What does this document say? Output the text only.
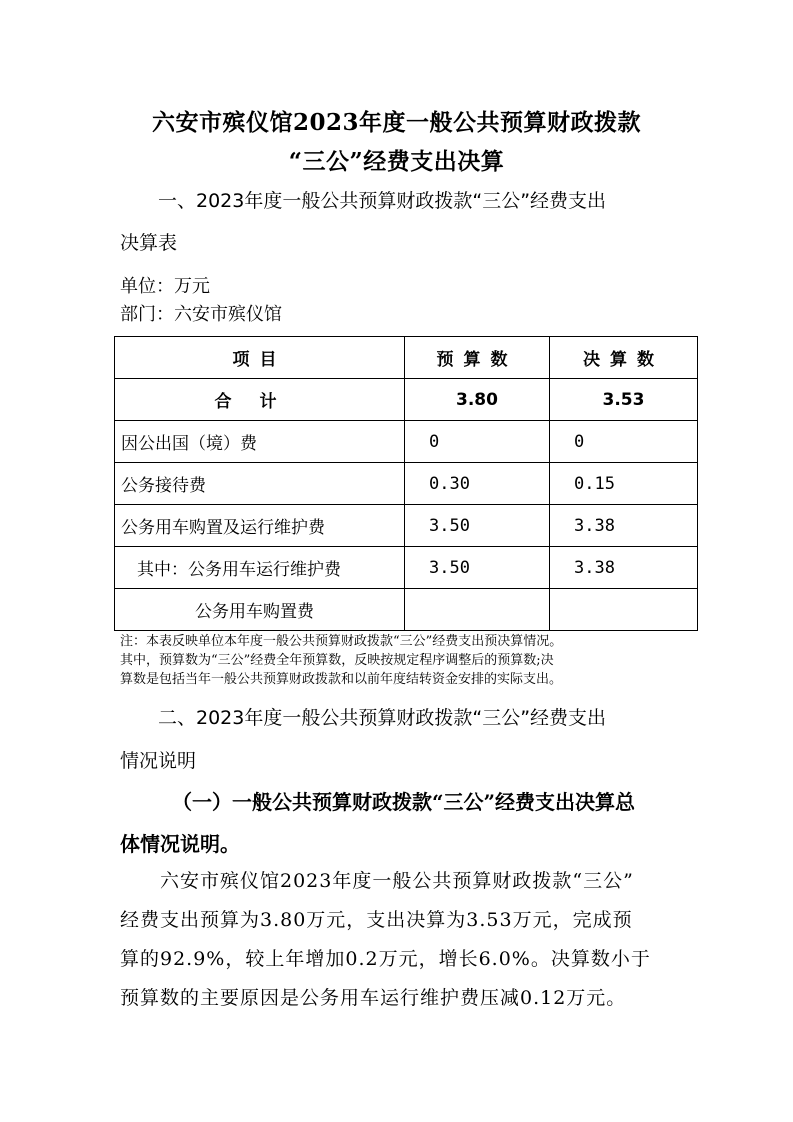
六安市殡仪馆2023年度一般公共预算财政拨款
“三公”经费支出决算
一、2023年度一般公共预算财政拨款“三公”经费支出
决算表
单位：万元
部门：六安市殡仪馆
项目	预算数	决算数
合计	3.80	3.53
因公出国（境）费	0	0
公务接待费	0.30	0.15
公务用车购置及运行维护费	3.50	3.38
其中：公务用车运行维护费	3.50	3.38
公务用车购置费		
注：本表反映单位本年度一般公共预算财政拨款“三公”经费支出预决算情况。
其中，预算数为“三公”经费全年预算数，反映按规定程序调整后的预算数;决
算数是包括当年一般公共预算财政拨款和以前年度结转资金安排的实际支出。
二、2023年度一般公共预算财政拨款“三公”经费支出
情况说明
（一）一般公共预算财政拨款“三公”经费支出决算总
体情况说明。
六安市殡仪馆2023年度一般公共预算财政拨款“三公”
经费支出预算为3.80万元，支出决算为3.53万元，完成预
算的92.9%，较上年增加0.2万元，增长6.0%。决算数小于
预算数的主要原因是公务用车运行维护费压减0.12万元。
